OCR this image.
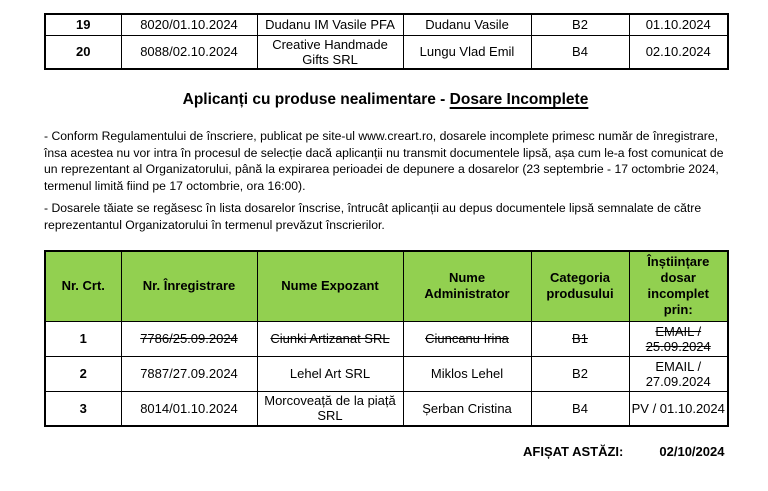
19	8020/01.10.2024	Dudanu IM Vasile PFA	Dudanu Vasile	B2	01.10.2024
20	8088/02.10.2024	Creative Handmade Gifts SRL	Lungu Vlad Emil	B4	02.10.2024
Aplicanți cu produse nealimentare - Dosare Incomplete

- Conform Regulamentului de înscriere, publicat pe site-ul www.creart.ro, dosarele incomplete primesc număr de înregistrare, însa acestea nu vor intra în procesul de selecție dacă aplicanții nu transmit documentele lipsă, așa cum le-a fost comunicat de un reprezentant al Organizatorului, până la expirarea perioadei de depunere a dosarelor (23 septembrie - 17 octombrie 2024, termenul limită fiind pe 17 octombrie, ora 16:00).

- Dosarele tăiate se regăsesc în lista dosarelor înscrise, întrucât aplicanții au depus documentele lipsă semnalate de către reprezentantul Organizatorului în termenul prevăzut înscrierilor.

Nr. Crt.	Nr. Înregistrare	Nume Expozant	Nume Administrator	Categoria produsului	Înștiințare dosar incomplet prin:
1	7786/25.09.2024	Ciunki Artizanat SRL	Ciuncanu Irina	B1	EMAIL / 25.09.2024
2	7887/27.09.2024	Lehel Art SRL	Miklos Lehel	B2	EMAIL / 27.09.2024
3	8014/01.10.2024	Morcoveață de la piață SRL	Șerban Cristina	B4	PV / 01.10.2024
AFIȘAT ASTĂZI:	02/10/2024
